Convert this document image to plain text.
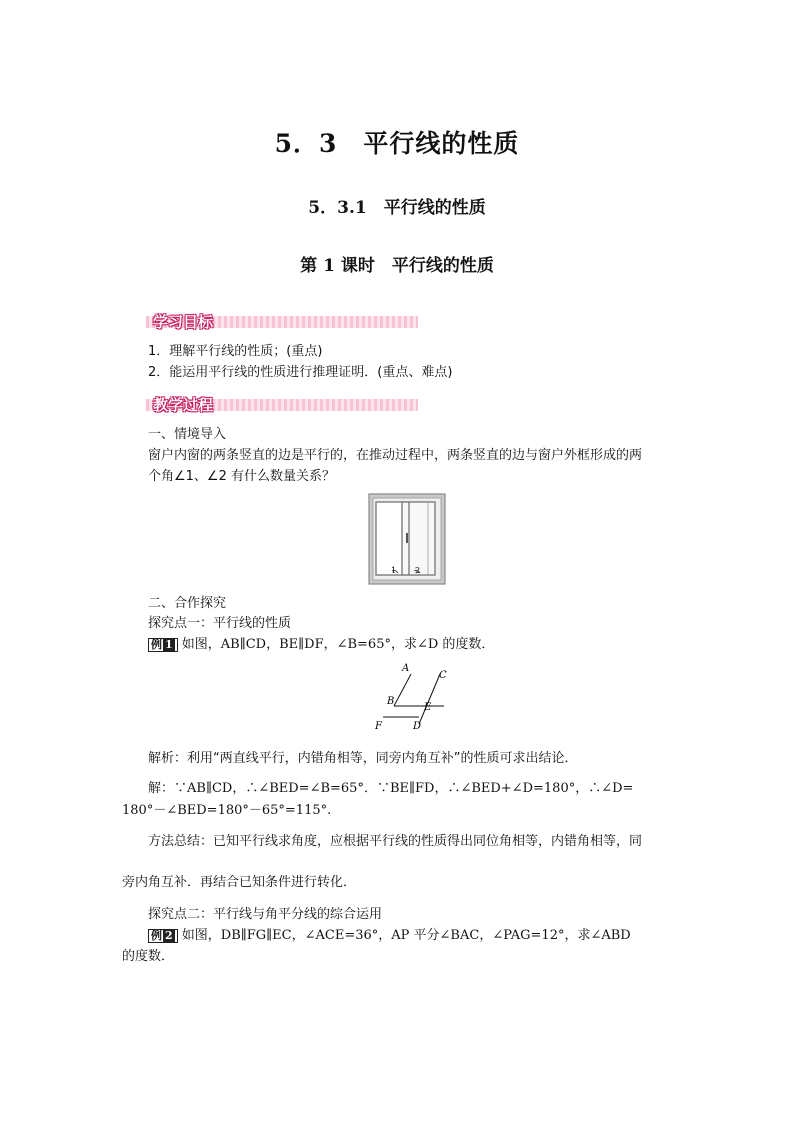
5．3　平行线的性质
5．3.1　平行线的性质
第 1 课时　平行线的性质
学习目标
1．理解平行线的性质；(重点)
2．能运用平行线的性质进行推理证明．(重点、难点)
教学过程
一、情境导入
窗户内窗的两条竖直的边是平行的，在推动过程中，两条竖直的边与窗户外框形成的两
个角∠1、∠2 有什么数量关系？
1 2
二、合作探究
探究点一：平行线的性质
例 1 如图，AB∥CD，BE∥DF，∠B=65°，求∠D 的度数．
A
C
B
E
F	D
解析：利用“两直线平行，内错角相等，同旁内角互补”的性质可求出结论．
解：∵AB∥CD，∴∠BED=∠B=65°．∵BE∥FD，∴∠BED+∠D=180°，∴∠D=
180°－∠BED=180°－65°=115°.
方法总结：已知平行线求角度，应根据平行线的性质得出同位角相等，内错角相等，同
旁内角互补．再结合已知条件进行转化．
探究点二：平行线与角平分线的综合运用
例 2 如图，DB∥FG∥EC，∠ACE=36°，AP 平分∠BAC，∠PAG=12°，求∠ABD
的度数．
